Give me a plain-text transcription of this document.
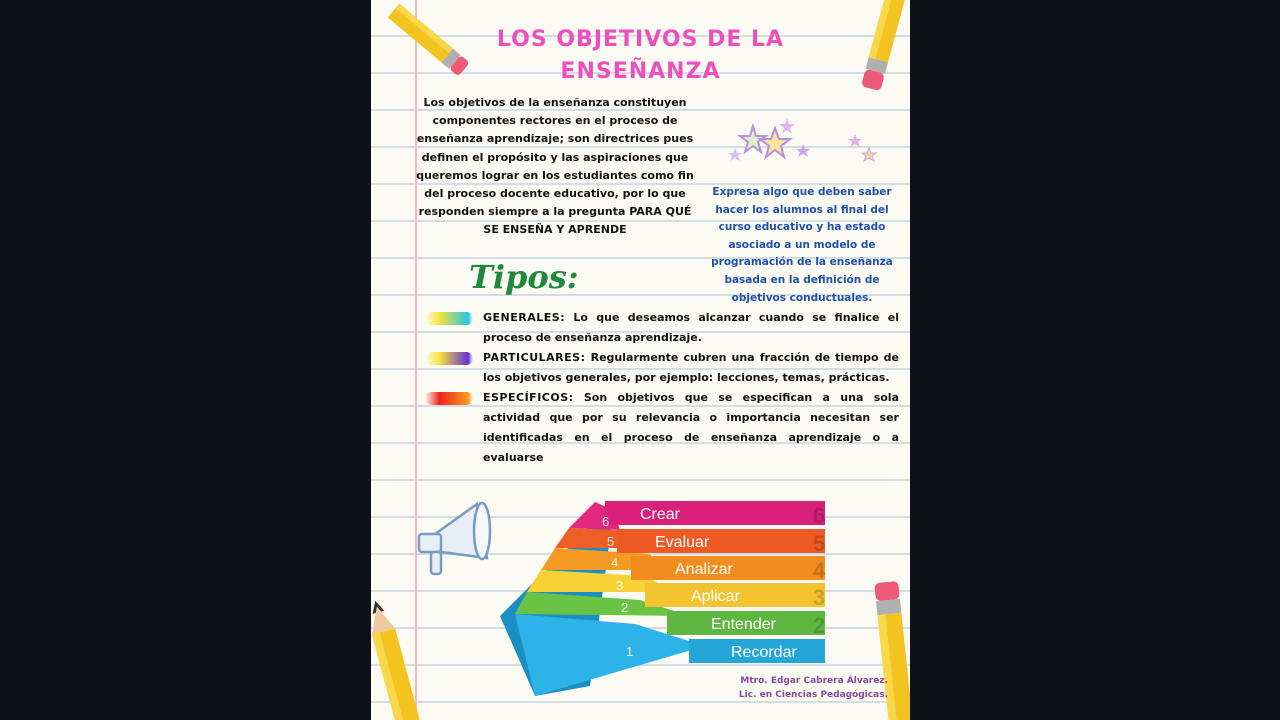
LOS OBJETIVOS DE LA
ENSEÑANZA
Los objetivos de la enseñanza constituyen componentes rectores en el proceso de enseñanza aprendizaje; son directrices pues definen el propósito y las aspiraciones que queremos lograr en los estudiantes como fin del proceso docente educativo, por lo que responden siempre a la pregunta PARA QUÉ SE ENSEÑA Y APRENDE
Expresa algo que deben saber hacer los alumnos al final del curso educativo y ha estado asociado a un modelo de programación de la enseñanza basada en la definición de objetivos conductuales.
Tipos:
GENERALES: Lo que deseamos alcanzar cuando se finalice el proceso de enseñanza aprendizaje.
PARTICULARES: Regularmente cubren una fracción de tiempo de los objetivos generales, por ejemplo: lecciones, temas, prácticas.
ESPECÍFICOS: Son objetivos que se especifican a una sola actividad que por su relevancia o importancia necesitan ser identificadas en el proceso de enseñanza aprendizaje o a evaluarse
Crear
Evaluar
Analizar
Aplicar
Entender
Recordar
6
5
4
3
2
6
5
4
3
2
1
Mtro. Edgar Cabrera Álvarez.
Lic. en Ciencias Pedagógicas.
